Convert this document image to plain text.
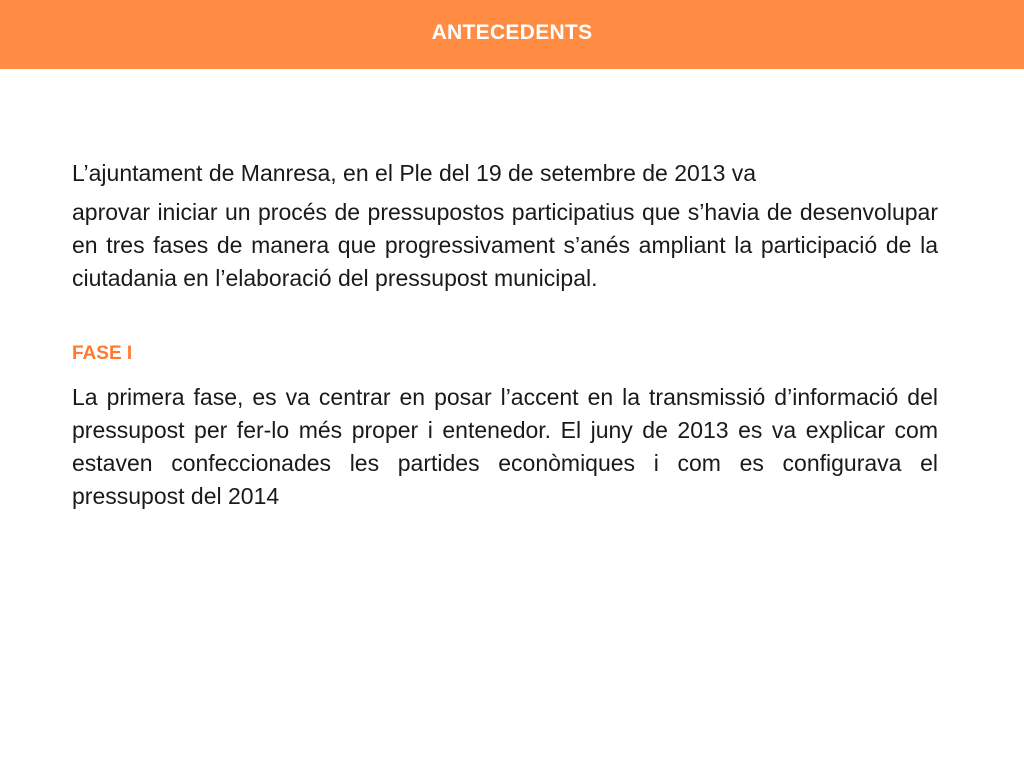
ANTECEDENTS

L’ajuntament de Manresa, en el Ple del 19 de setembre de 2013 va

aprovar iniciar un procés de pressupostos participatius que s’havia de desenvolupar en tres fases de manera que progressivament s’anés ampliant la participació de la ciutadania en l’elaboració del pressupost municipal.

FASE I

La primera fase, es va centrar en posar l’accent en la transmissió d’informació del pressupost per fer-lo més proper i entenedor. El juny de 2013 es va explicar com estaven confeccionades les partides econòmiques i com es configurava el pressupost del 2014
